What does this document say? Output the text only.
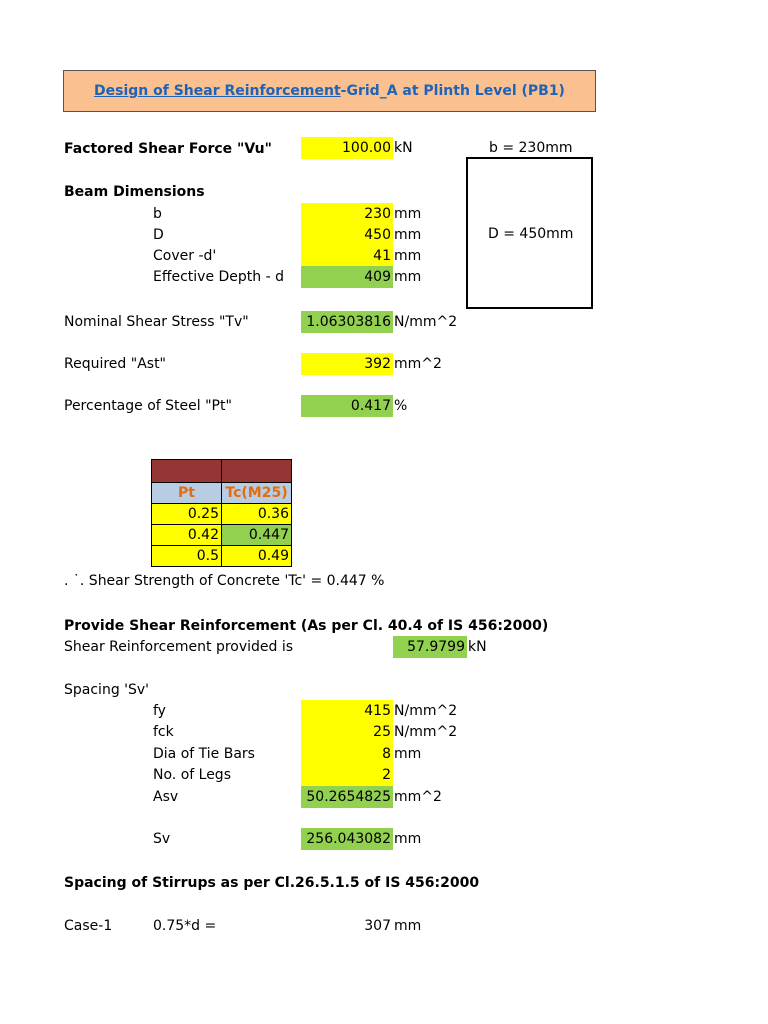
Design of Shear Reinforcement -Grid_A at Plinth Level (PB1)
Factored Shear Force "Vu"	100.00 kN	b = 230mm
D = 450mm
Beam Dimensions
b	230 mm
D	450 mm
Cover -d'	41 mm
Effective Depth - d	409 mm
Nominal Shear Stress "Tv"	1.06303816 N/mm^2
Required "Ast"	392 mm^2
Percentage of Steel "Pt"	0.417 %

Pt	Tc(M25)
0.25	0.36
0.42	0.447
0.5	0.49
. ˙. Shear Strength of Concrete 'Tc' = 0.447 %
Provide Shear Reinforcement (As per Cl. 40.4 of IS 456:2000)
Shear Reinforcement provided is	57.9799 kN
Spacing 'Sv'
fy	415 N/mm^2
fck	25 N/mm^2
Dia of Tie Bars	8 mm
No. of Legs	2
Asv	50.2654825 mm^2
Sv	256.043082 mm
Spacing of Stirrups as per Cl.26.5.1.5 of IS 456:2000
Case-1	0.75*d =	307 mm
